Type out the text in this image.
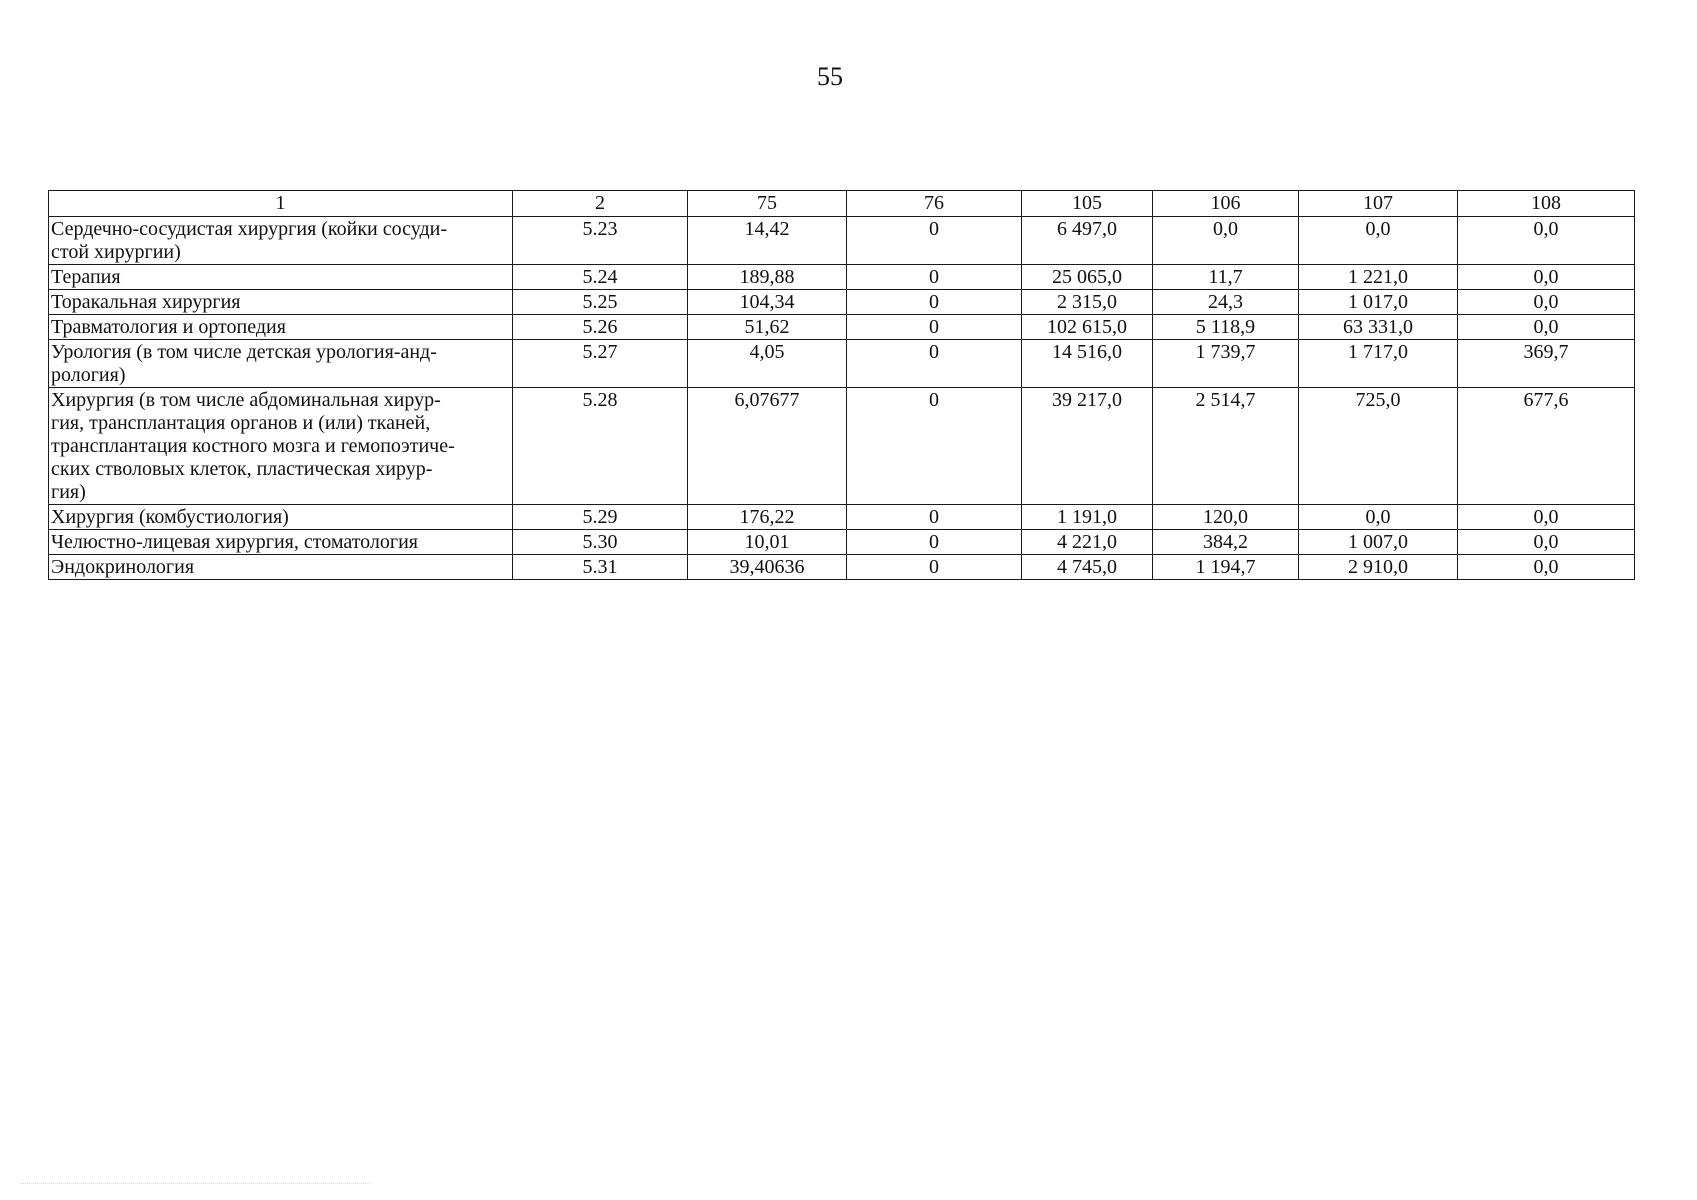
55
1	2	75	76	105	106	107	108
Сердечно-сосудистая хирургия (койки сосуди-
стой хирургии)	5.23	14,42	0	6 497,0	0,0	0,0	0,0
Терапия	5.24	189,88	0	25 065,0	11,7	1 221,0	0,0
Торакальная хирургия	5.25	104,34	0	2 315,0	24,3	1 017,0	0,0
Травматология и ортопедия	5.26	51,62	0	102 615,0	5 118,9	63 331,0	0,0
Урология (в том числе детская урология-анд-
рология)	5.27	4,05	0	14 516,0	1 739,7	1 717,0	369,7
Хирургия (в том числе абдоминальная хирур-
гия, трансплантация органов и (или) тканей,
трансплантация костного мозга и гемопоэтиче-
ских стволовых клеток, пластическая хирур-
гия)	5.28	6,07677	0	39 217,0	2 514,7	725,0	677,6
Хирургия (комбустиология)	5.29	176,22	0	1 191,0	120,0	0,0	0,0
Челюстно-лицевая хирургия, стоматология	5.30	10,01	0	4 221,0	384,2	1 007,0	0,0
Эндокринология	5.31	39,40636	0	4 745,0	1 194,7	2 910,0	0,0
